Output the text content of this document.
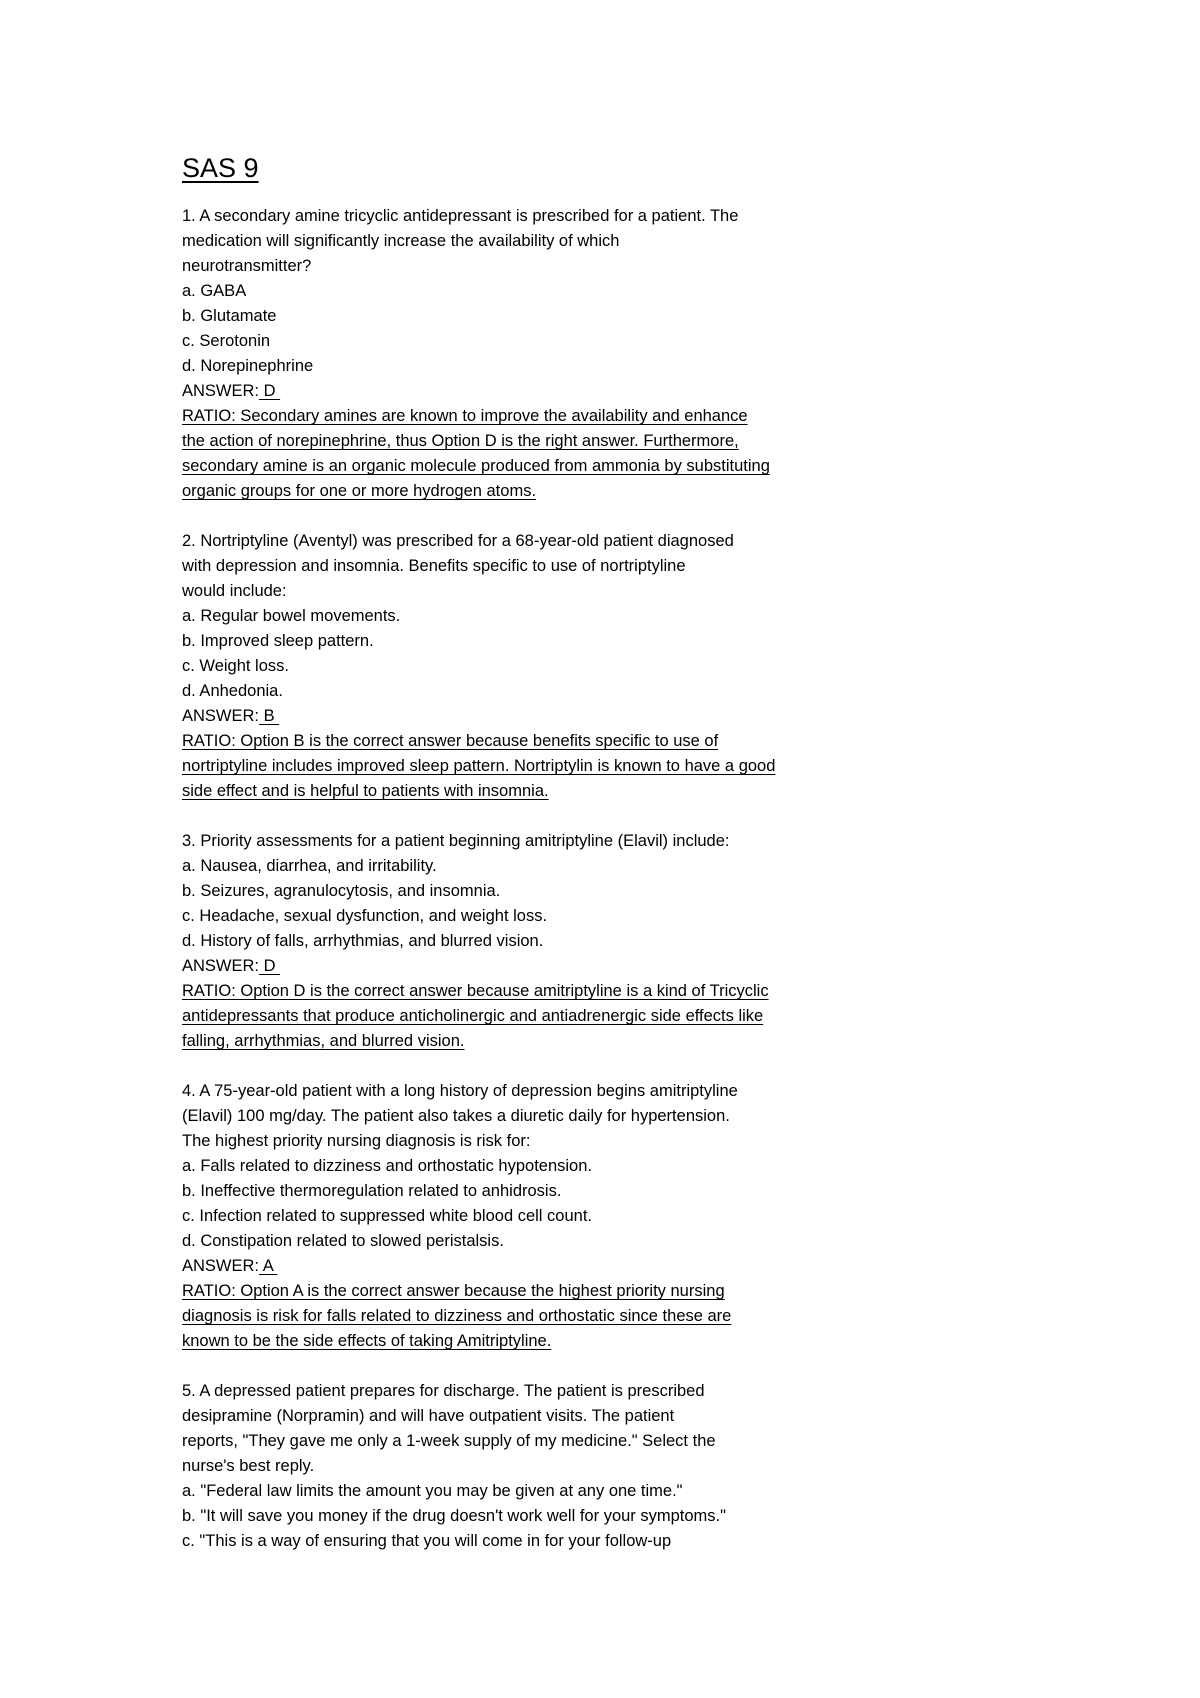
SAS 9
1. A secondary amine tricyclic antidepressant is prescribed for a patient. The
medication will significantly increase the availability of which
neurotransmitter?
a. GABA
b. Glutamate
c. Serotonin
d. Norepinephrine
ANSWER: D
RATIO: Secondary amines are known to improve the availability and enhance
the action of norepinephrine, thus Option D is the right answer. Furthermore,
secondary amine is an organic molecule produced from ammonia by substituting
organic groups for one or more hydrogen atoms.
2. Nortriptyline (Aventyl) was prescribed for a 68-year-old patient diagnosed
with depression and insomnia. Benefits specific to use of nortriptyline
would include:
a. Regular bowel movements.
b. Improved sleep pattern.
c. Weight loss.
d. Anhedonia.
ANSWER: B
RATIO: Option B is the correct answer because benefits specific to use of
nortriptyline includes improved sleep pattern. Nortriptylin is known to have a good
side effect and is helpful to patients with insomnia.
3. Priority assessments for a patient beginning amitriptyline (Elavil) include:
a. Nausea, diarrhea, and irritability.
b. Seizures, agranulocytosis, and insomnia.
c. Headache, sexual dysfunction, and weight loss.
d. History of falls, arrhythmias, and blurred vision.
ANSWER: D
RATIO: Option D is the correct answer because amitriptyline is a kind of Tricyclic
antidepressants that produce anticholinergic and antiadrenergic side effects like
falling, arrhythmias, and blurred vision.
4. A 75-year-old patient with a long history of depression begins amitriptyline
(Elavil) 100 mg/day. The patient also takes a diuretic daily for hypertension.
The highest priority nursing diagnosis is risk for:
a. Falls related to dizziness and orthostatic hypotension.
b. Ineffective thermoregulation related to anhidrosis.
c. Infection related to suppressed white blood cell count.
d. Constipation related to slowed peristalsis.
ANSWER: A
RATIO: Option A is the correct answer because the highest priority nursing
diagnosis is risk for falls related to dizziness and orthostatic since these are
known to be the side effects of taking Amitriptyline.
5. A depressed patient prepares for discharge. The patient is prescribed
desipramine (Norpramin) and will have outpatient visits. The patient
reports, "They gave me only a 1-week supply of my medicine." Select the
nurse's best reply.
a. "Federal law limits the amount you may be given at any one time."
b. "It will save you money if the drug doesn't work well for your symptoms."
c. "This is a way of ensuring that you will come in for your follow-up
